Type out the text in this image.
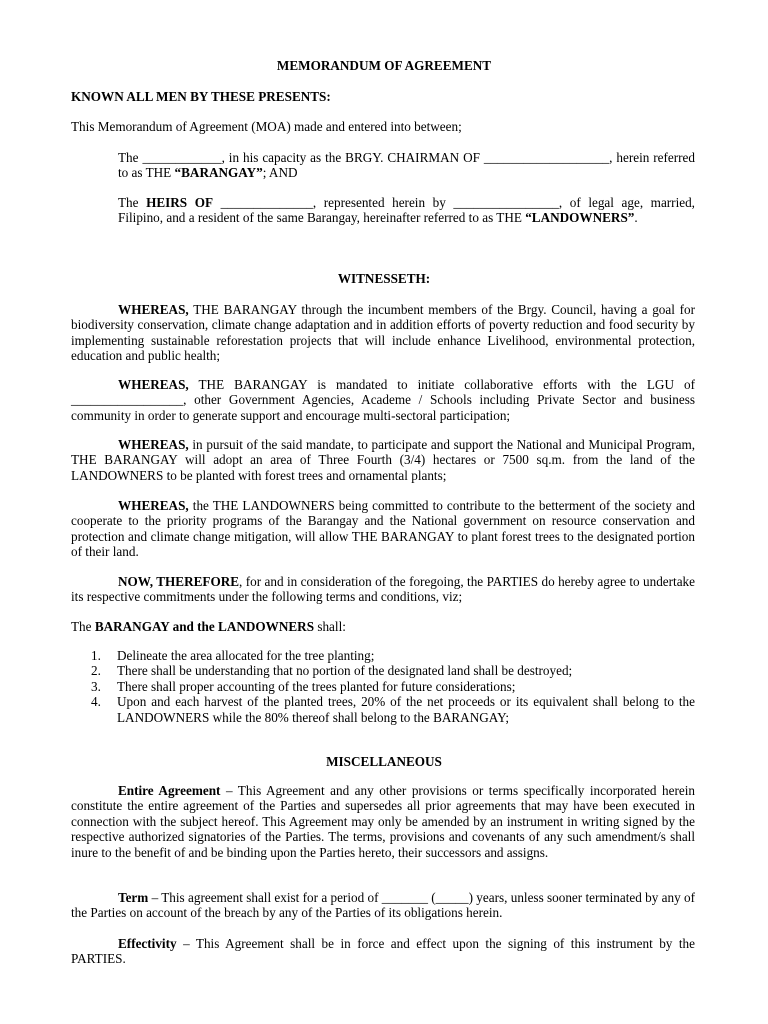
MEMORANDUM OF AGREEMENT
KNOWN ALL MEN BY THESE PRESENTS:
This Memorandum of Agreement (MOA) made and entered into between;
The ____________, in his capacity as the BRGY. CHAIRMAN OF ___________________, herein referred to as THE “BARANGAY”; AND
The HEIRS OF ______________, represented herein by ________________, of legal age, married, Filipino, and a resident of the same Barangay, hereinafter referred to as THE “LANDOWNERS”.
WITNESSETH:
WHEREAS, THE BARANGAY through the incumbent members of the Brgy. Council, having a goal for biodiversity conservation, climate change adaptation and in addition efforts of poverty reduction and food security by implementing sustainable reforestation projects that will include enhance Livelihood, environmental protection, education and public health;
WHEREAS, THE BARANGAY is mandated to initiate collaborative efforts with the LGU of _________________, other Government Agencies, Academe / Schools including Private Sector and business community in order to generate support and encourage multi-sectoral participation;
WHEREAS, in pursuit of the said mandate, to participate and support the National and Municipal Program, THE BARANGAY will adopt an area of Three Fourth (3/4) hectares or 7500 sq.m. from the land of the LANDOWNERS to be planted with forest trees and ornamental plants;
WHEREAS, the THE LANDOWNERS being committed to contribute to the betterment of the society and cooperate to the priority programs of the Barangay and the National government on resource conservation and protection and climate change mitigation, will allow THE BARANGAY to plant forest trees to the designated portion of their land.
NOW, THEREFORE, for and in consideration of the foregoing, the PARTIES do hereby agree to undertake its respective commitments under the following terms and conditions, viz;
The BARANGAY and the LANDOWNERS shall:
1.	Delineate the area allocated for the tree planting;
2.	There shall be understanding that no portion of the designated land shall be destroyed;
3.	There shall proper accounting of the trees planted for future considerations;
4.	Upon and each harvest of the planted trees, 20% of the net proceeds or its equivalent shall belong to the LANDOWNERS while the 80% thereof shall belong to the BARANGAY;
MISCELLANEOUS
Entire Agreement – This Agreement and any other provisions or terms specifically incorporated herein constitute the entire agreement of the Parties and supersedes all prior agreements that may have been executed in connection with the subject hereof. This Agreement may only be amended by an instrument in writing signed by the respective authorized signatories of the Parties. The terms, provisions and covenants of any such amendment/s shall inure to the benefit of and be binding upon the Parties hereto, their successors and assigns.
Term – This agreement shall exist for a period of _______ (_____) years, unless sooner terminated by any of the Parties on account of the breach by any of the Parties of its obligations herein.
Effectivity – This Agreement shall be in force and effect upon the signing of this instrument by the PARTIES.
